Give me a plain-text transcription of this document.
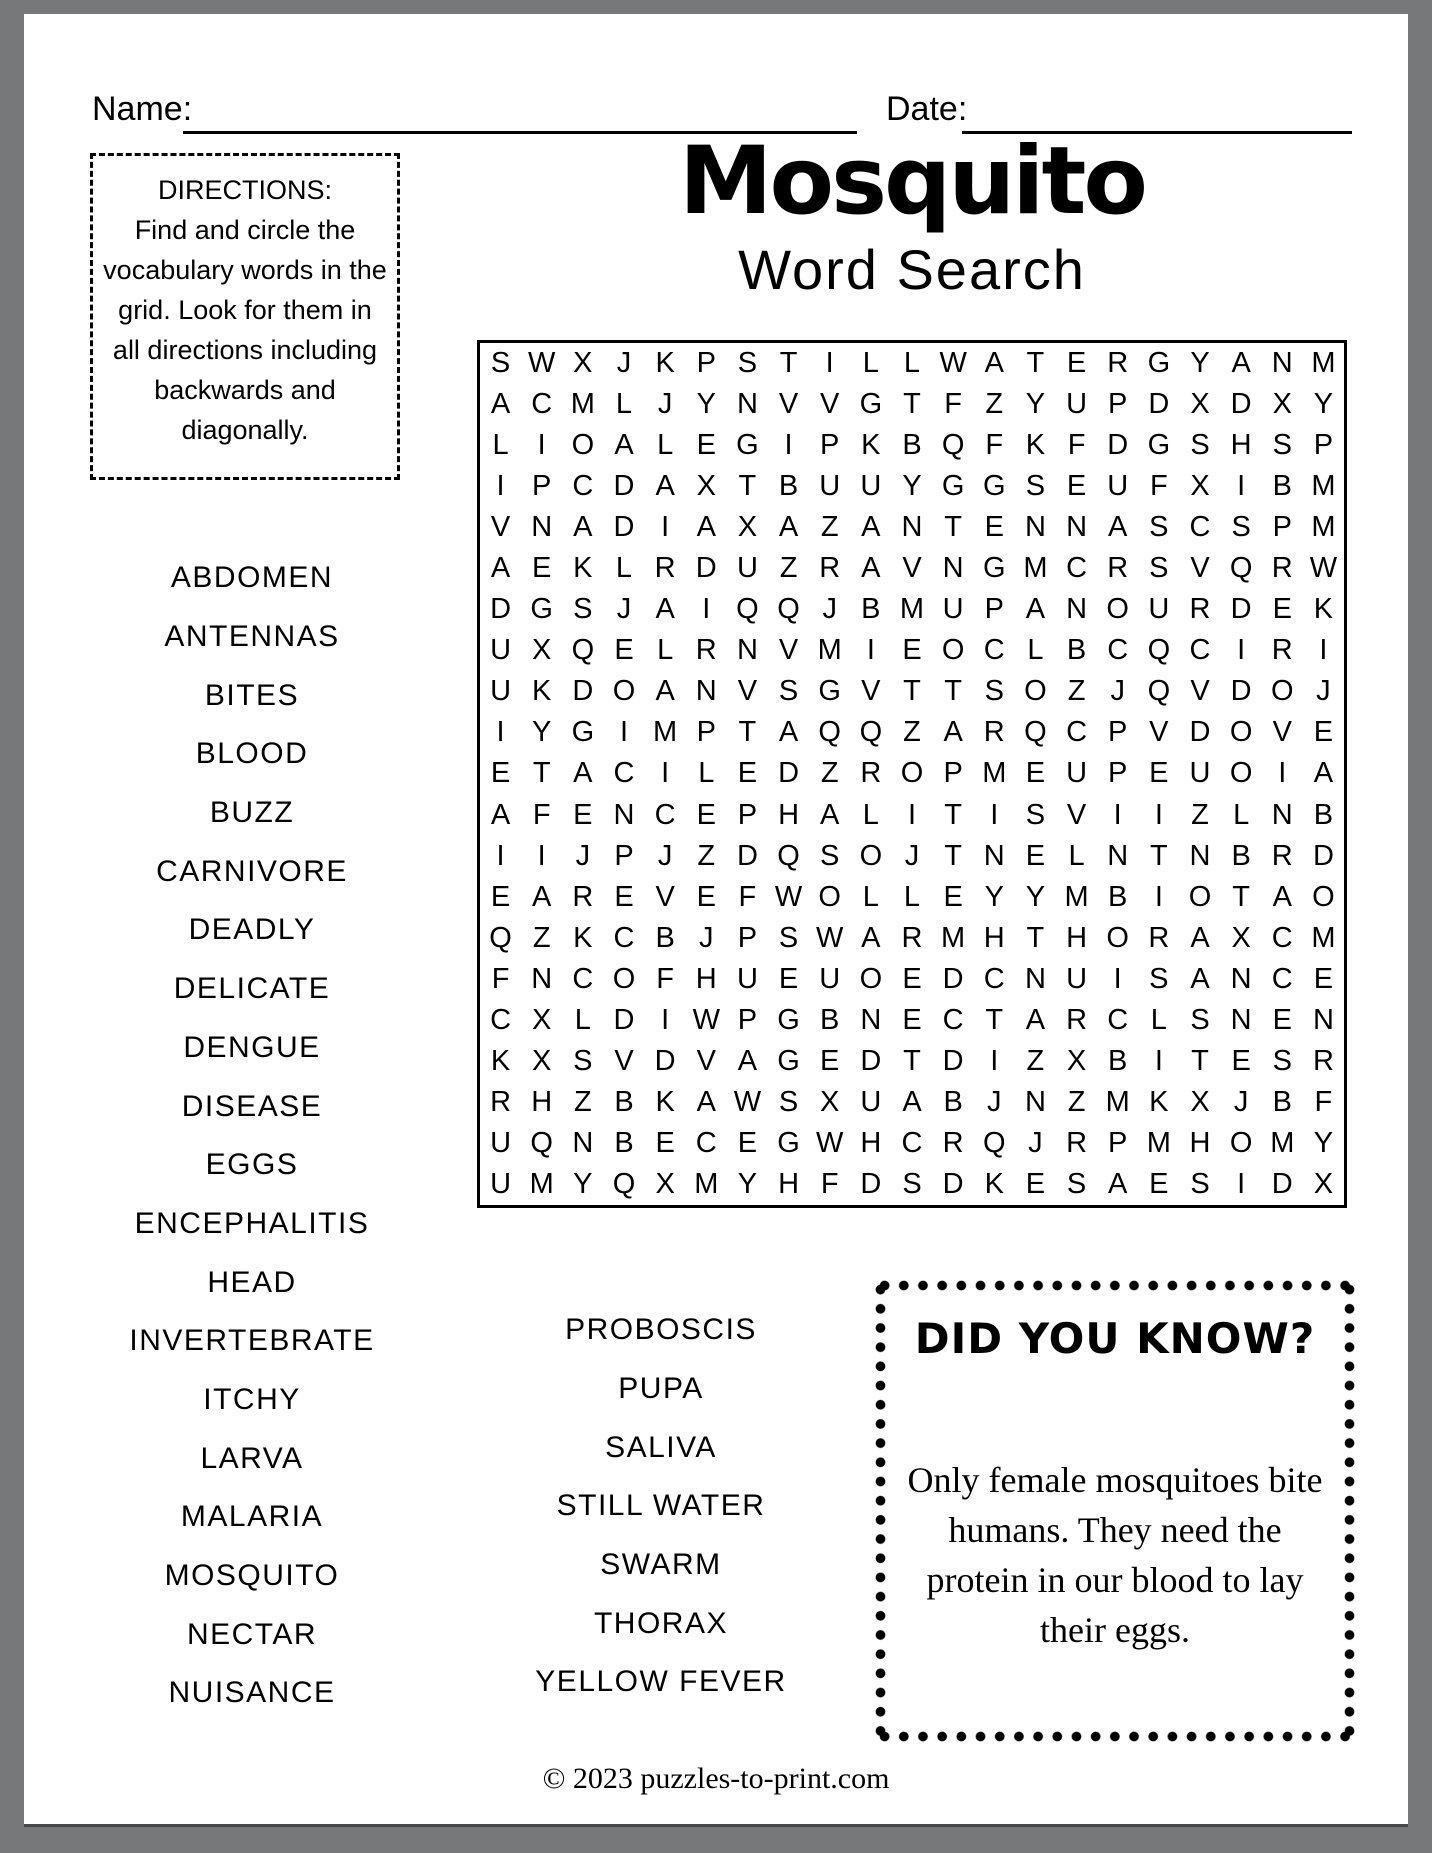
Name:	Date:
DIRECTIONS:
Find and circle the vocabulary words in the grid. Look for them in all directions including backwards and diagonally.
Mosquito
Word Search
S W X J K P S T I	L L W A T E R G Y A N M
A C M L J Y N V V G T F Z Y U P D X D X Y
L	I O A L E G I P K B Q F K F D G S H S P
I P C D A X T B U U Y G G S E U F X I B M
V N A D I A X A Z A N T E N N A S C S P M
A E K L R D U Z R A V N G M C R S V Q R W
D G S J A I Q Q J B M U P A N O U R D E K
U X Q E L R N V M I E O C L B C Q C I R I
U K D O A N V S G V T T S O Z J Q V D O J
I Y G I M P T A Q Q Z A R Q C P V D O V E
E T A C I	L E D Z R O P M E U P E U O I A
A F E N C E P H A L	I T I S V I	I Z L N B
I	I	J P J Z D Q S O J T N E L N T N B R D
E A R E V E F W O L L E Y Y M B I O T A O
Q Z K C B J P S W A R M H T H O R A X C M
F N C O F H U E U O E D C N U I S A N C E
C X L D I W P G B N E C T A R C L S N E N
K X S V D V A G E D T D I Z X B I T E S R
R H Z B K A W S X U A B J N Z M K X J B F
U Q N B E C E G W H C R Q J R P M H O M Y
U M Y Q X M Y H F D S D K E S A E S I D X
ABDOMEN
ANTENNAS
BITES
BLOOD
BUZZ
CARNIVORE
DEADLY
DELICATE
DENGUE
DISEASE
EGGS
ENCEPHALITIS
HEAD
INVERTEBRATE
ITCHY
LARVA
MALARIA
MOSQUITO
NECTAR
NUISANCE
PROBOSCIS
PUPA
SALIVA
STILL WATER
SWARM
THORAX
YELLOW FEVER
DID YOU KNOW?
Only female mosquitoes bite humans. They need the protein in our blood to lay their eggs.
© 2023 puzzles-to-print.com
